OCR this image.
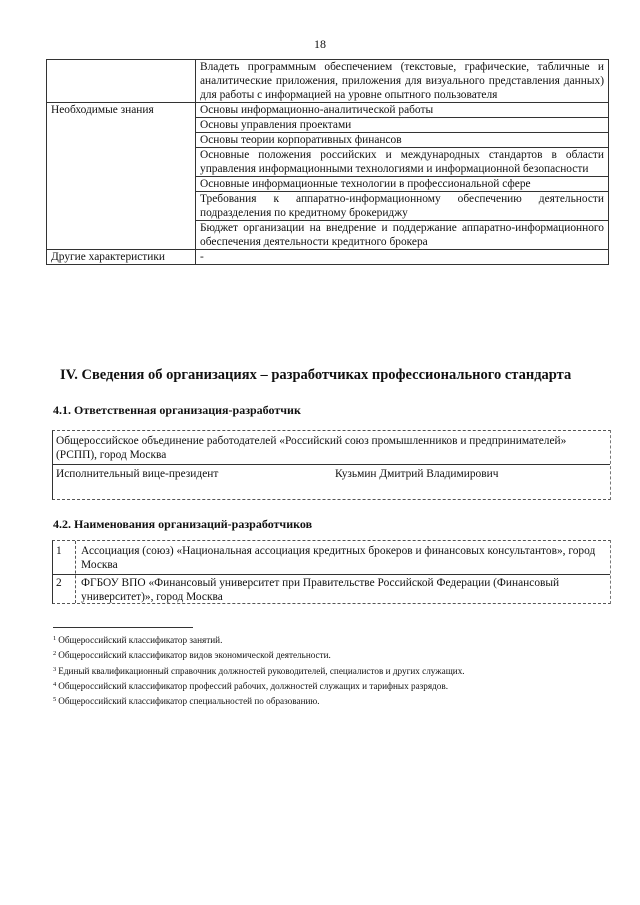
18
	Владеть программным обеспечением (текстовые, графические, табличные и аналитические приложения, приложения для визуального представления данных) для работы с информацией на уровне опытного пользователя
Необходимые знания	Основы информационно-аналитической работы
	Основы управления проектами
	Основы теории корпоративных финансов
	Основные положения российских и международных стандартов в области управления информационными технологиями и информационной безопасности
	Основные информационные технологии в профессиональной сфере
	Требования к аппаратно-информационному обеспечению деятельности подразделения по кредитному брокериджу
	Бюджет организации на внедрение и поддержание аппаратно-информационного обеспечения деятельности кредитного брокера
Другие характеристики	-
IV. Сведения об организациях – разработчиках профессионального стандарта
4.1. Ответственная организация-разработчик
Общероссийское объединение работодателей «Российский союз промышленников и предпринимателей» (РСПП), город Москва
Исполнительный вице-президент	Кузьмин Дмитрий Владимирович
4.2. Наименования организаций-разработчиков
1	Ассоциация (союз) «Национальная ассоциация кредитных брокеров и финансовых консультантов», город Москва
2	ФГБОУ ВПО «Финансовый университет при Правительстве Российской Федерации (Финансовый университет)», город Москва
$^1$ Общероссийский классификатор занятий.
$^2$ Общероссийский классификатор видов экономической деятельности.
$^3$ Единый квалификационный справочник должностей руководителей, специалистов и других служащих.
$^4$ Общероссийский классификатор профессий рабочих, должностей служащих и тарифных разрядов.
$^5$ Общероссийский классификатор специальностей по образованию.
